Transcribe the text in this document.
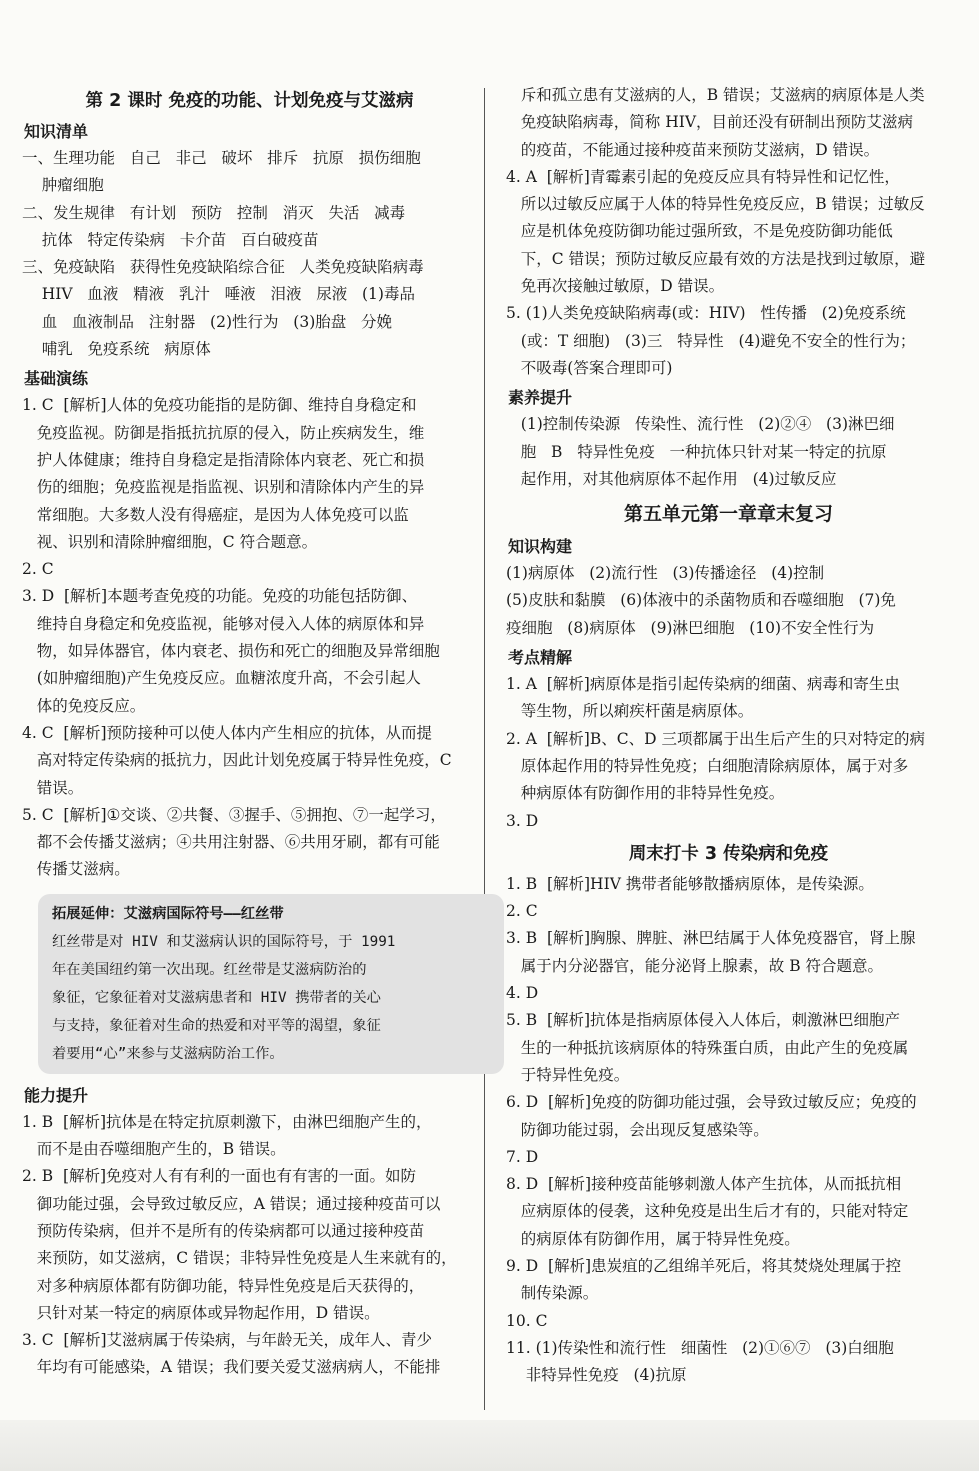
第 2 课时 免疫的功能、计划免疫与艾滋病
知识清单
一、生理功能   自己   非己   破坏   排斥   抗原   损伤细胞
肿瘤细胞
二、发生规律   有计划   预防   控制   消灭   失活   减毒
抗体   特定传染病   卡介苗   百白破疫苗
三、免疫缺陷   获得性免疫缺陷综合征   人类免疫缺陷病毒
HIV   血液   精液   乳汁   唾液   泪液   尿液   (1)毒品
血   血液制品   注射器   (2)性行为   (3)胎盘   分娩
哺乳   免疫系统   病原体
基础演练
1. C  [解析]人体的免疫功能指的是防御、维持自身稳定和
免疫监视。防御是指抵抗抗原的侵入，防止疾病发生，维
护人体健康；维持自身稳定是指清除体内衰老、死亡和损
伤的细胞；免疫监视是指监视、识别和清除体内产生的异
常细胞。大多数人没有得癌症，是因为人体免疫可以监
视、识别和清除肿瘤细胞，C 符合题意。
2. C
3. D  [解析]本题考查免疫的功能。免疫的功能包括防御、
维持自身稳定和免疫监视，能够对侵入人体的病原体和异
物，如异体器官，体内衰老、损伤和死亡的细胞及异常细胞
(如肿瘤细胞)产生免疫反应。血糖浓度升高，不会引起人
体的免疫反应。
4. C  [解析]预防接种可以使人体内产生相应的抗体，从而提
高对特定传染病的抵抗力，因此计划免疫属于特异性免疫，C
错误。
5. C  [解析]①交谈、②共餐、③握手、⑤拥抱、⑦一起学习，
都不会传播艾滋病；④共用注射器、⑥共用牙刷，都有可能
传播艾滋病。
拓展延伸：艾滋病国际符号——红丝带
红丝带是对 HIV 和艾滋病认识的国际符号，于 1991
年在美国纽约第一次出现。红丝带是艾滋病防治的
象征，它象征着对艾滋病患者和 HIV 携带者的关心
与支持，象征着对生命的热爱和对平等的渴望，象征
着要用“心”来参与艾滋病防治工作。
能力提升
1. B  [解析]抗体是在特定抗原刺激下，由淋巴细胞产生的，
而不是由吞噬细胞产生的，B 错误。
2. B  [解析]免疫对人有有利的一面也有有害的一面。如防
御功能过强，会导致过敏反应，A 错误；通过接种疫苗可以
预防传染病，但并不是所有的传染病都可以通过接种疫苗
来预防，如艾滋病，C 错误；非特异性免疫是人生来就有的，
对多种病原体都有防御功能，特异性免疫是后天获得的，
只针对某一特定的病原体或异物起作用，D 错误。
3. C  [解析]艾滋病属于传染病，与年龄无关，成年人、青少
年均有可能感染，A 错误；我们要关爱艾滋病病人，不能排
斥和孤立患有艾滋病的人，B 错误；艾滋病的病原体是人类
免疫缺陷病毒，简称 HIV，目前还没有研制出预防艾滋病
的疫苗，不能通过接种疫苗来预防艾滋病，D 错误。
4. A  [解析]青霉素引起的免疫反应具有特异性和记忆性，
所以过敏反应属于人体的特异性免疫反应，B 错误；过敏反
应是机体免疫防御功能过强所致，不是免疫防御功能低
下，C 错误；预防过敏反应最有效的方法是找到过敏原，避
免再次接触过敏原，D 错误。
5. (1)人类免疫缺陷病毒(或：HIV)   性传播   (2)免疫系统
(或：T 细胞)   (3)三   特异性   (4)避免不安全的性行为；
不吸毒(答案合理即可)
素养提升
(1)控制传染源   传染性、流行性   (2)②④   (3)淋巴细
胞   B   特异性免疫   一种抗体只针对某一特定的抗原
起作用，对其他病原体不起作用   (4)过敏反应
第五单元第一章章末复习
知识构建
(1)病原体   (2)流行性   (3)传播途径   (4)控制
(5)皮肤和黏膜   (6)体液中的杀菌物质和吞噬细胞   (7)免
疫细胞   (8)病原体   (9)淋巴细胞   (10)不安全性行为
考点精解
1. A  [解析]病原体是指引起传染病的细菌、病毒和寄生虫
等生物，所以痢疾杆菌是病原体。
2. A  [解析]B、C、D 三项都属于出生后产生的只对特定的病
原体起作用的特异性免疫；白细胞清除病原体，属于对多
种病原体有防御作用的非特异性免疫。
3. D
周末打卡 3 传染病和免疫
1. B  [解析]HIV 携带者能够散播病原体，是传染源。
2. C
3. B  [解析]胸腺、脾脏、淋巴结属于人体免疫器官，肾上腺
属于内分泌器官，能分泌肾上腺素，故 B 符合题意。
4. D
5. B  [解析]抗体是指病原体侵入人体后，刺激淋巴细胞产
生的一种抵抗该病原体的特殊蛋白质，由此产生的免疫属
于特异性免疫。
6. D  [解析]免疫的防御功能过强，会导致过敏反应；免疫的
防御功能过弱，会出现反复感染等。
7. D
8. D  [解析]接种疫苗能够刺激人体产生抗体，从而抵抗相
应病原体的侵袭，这种免疫是出生后才有的，只能对特定
的病原体有防御作用，属于特异性免疫。
9. D  [解析]患炭疽的乙组绵羊死后，将其焚烧处理属于控
制传染源。
10. C
11. (1)传染性和流行性   细菌性   (2)①⑥⑦   (3)白细胞
非特异性免疫   (4)抗原
